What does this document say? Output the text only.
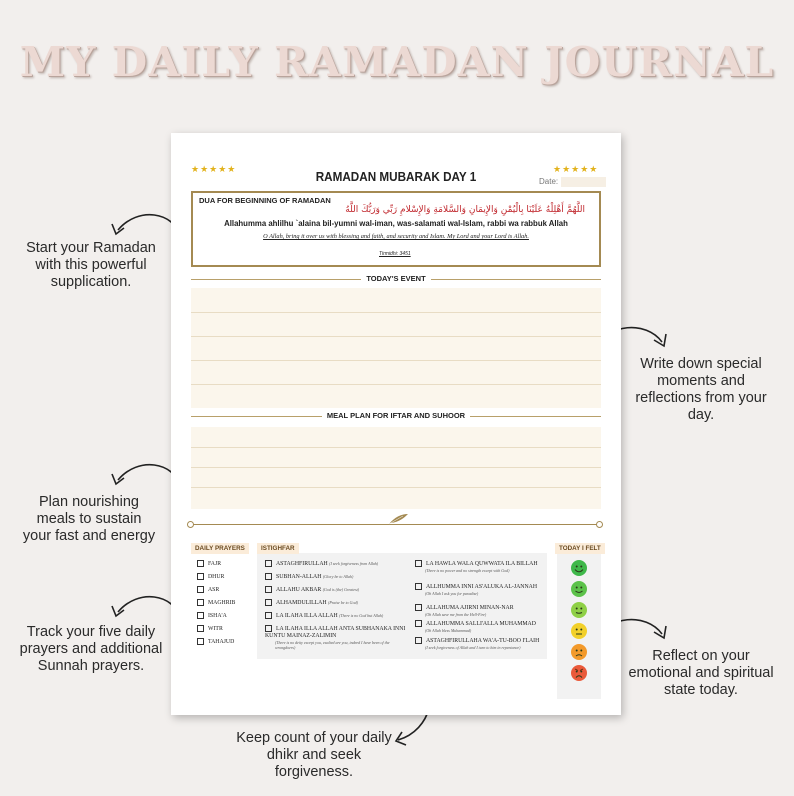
MY DAILY RAMADAN JOURNAL
Start your Ramadan with this powerful supplication.
Write down special moments and reflections from your day.
Plan nourishing meals to sustain your fast and energy
Track your five daily prayers and additional Sunnah prayers.
Reflect on your emotional and spiritual state today.
Keep count of your daily dhikr and seek forgiveness.
★★★★★	★★★★★
RAMADAN MUBARAK DAY 1	Date:
DUA FOR BEGINNING OF RAMADAN
اللَّهُمَّ أَهْلِلْهُ عَلَيْنَا بِالْيُمْنِ وَالإِيمَانِ وَالسَّلامَةِ وَالإِسْلامِ رَبِّي وَرَبُّكَ اللَّهُ
Allahumma ahlilhu `alaina bil-yumni wal-iman, was-salamati wal-Islam, rabbi wa rabbuk Allah
O Allah, bring it over us with blessing and faith, and security and Islam. My Lord and your Lord is Allah.
Tirmidhi: 3451
TODAY'S EVENT
MEAL PLAN FOR IFTAR AND SUHOOR
DAILY PRAYERS
FAJR
DHUR
ASR
MAGHRIB
ISHA'A
WITR
TAHAJUD
ISTIGHFAR
ASTAGHFIRULLAH (I seek forgiveness from Allah)
SUBHAN-ALLAH (Glory be to Allah)
ALLAHU AKBAR (God is (the) Greatest)
ALHAMDULILLAH (Praise be to God)
LA ILAHA ILLA ALLAH (There is no God but Allah)
LA ILAHA ILLA ALLAH ANTA SUBHANAKA INNI KUNTU MAINAZ-ZALIMIN
(There is no deity except you, exalted are you, indeed I have been of the wrongdoers)
LA HAWLA WALA QUWWATA ILA BILLAH
(There is no power and no strength except with God)
ALLHUMMA INNI AS'ALUKA AL-JANNAH
(Oh Allah I ask you for paradise)
ALLAHUMA AJIRNI MINAN-NAR
(Oh Allah save me from the Hell-Fire)
ALLAHUMMA SALLI'ALLA MUHAMMAD
(Oh Allah bless Muhammad)
ASTAGHFIRULLAHA WA'A-TU-BOO I'LAIH
(I seek forgiveness of Allah and I turn to him in repentance)
TODAY I FELT
